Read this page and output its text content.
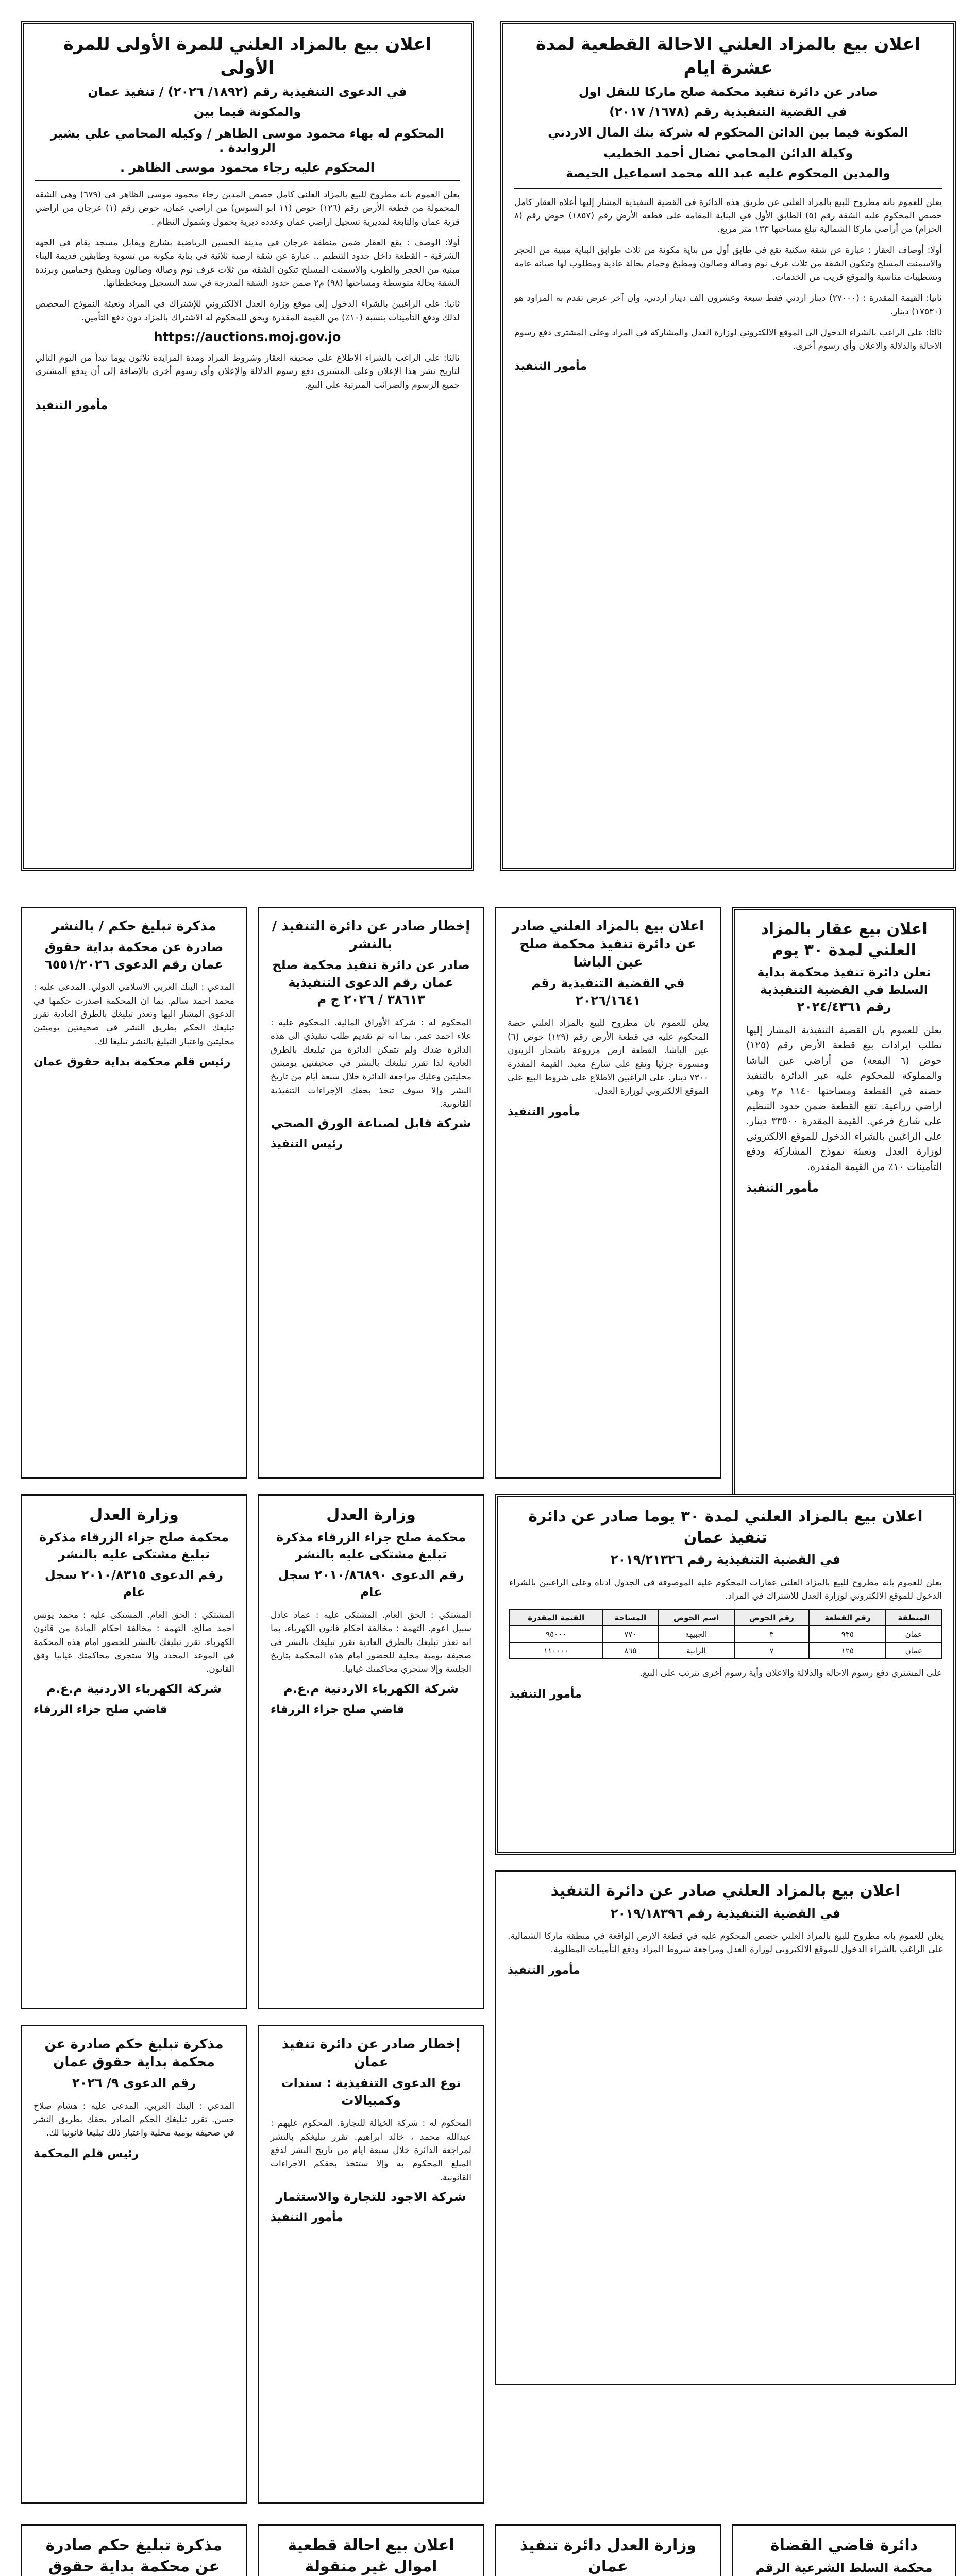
اعلان بيع بالمزاد العلني للمرة الأولى للمرة الأولى
في الدعوى التنفيذية رقم (١٨٩٢/ ٢٠٢٦) / تنفيذ عمان
والمكونة فيما بين
المحكوم له بهاء محمود موسى الظاهر / وكيله المحامي علي بشير الروابدة .
المحكوم عليه رجاء محمود موسى الظاهر .
يعلن العموم بانه مطروح للبيع بالمزاد العلني كامل حصص المدين رجاء محمود موسى الظاهر في (٦٧٩) وهي الشقة المحمولة من قطعة الأرض رقم (١٢٦) حوض (١١ ابو السوس) من اراضي عمان، حوض رقم (١) عرجان من اراضي قرية عمان والتابعة لمديرية تسجيل اراضي عمان وعدده ديرية بحمول وشمول النظام .
أولا: الوصف : يقع العقار ضمن منطقة عرجان في مدينة الحسين الرياضية بشارع ويقابل مسجد يقام في الجهة الشرقية - القطعة داخل حدود التنظيم .. عبارة عن شقة ارضية ثلاثية في بناية مكونة من تسوية وطابقين قديمة البناء مبنية من الحجر والطوب والاسمنت المسلح تتكون الشقة من ثلاث غرف نوم وصالة وصالون ومطبخ وحمامين وبرندة الشقة بحالة متوسطة ومساحتها (٩٨) م٢ ضمن حدود الشقة المدرجة في سند التسجيل ومخططاتها.
ثانيا: على الراغبين بالشراء الدخول إلى موقع وزارة العدل الالكتروني للإشتراك في المزاد وتعبئة النموذج المخصص لذلك ودفع التأمينات بنسبة (١٠٪) من القيمة المقدرة ويحق للمحكوم له الاشتراك بالمزاد دون دفع التأمين.
https://auctions.moj.gov.jo
ثالثا: على الراغب بالشراء الاطلاع على صحيفة العقار وشروط المزاد ومدة المزايدة ثلاثون يوما تبدأ من اليوم التالي لتاريخ نشر هذا الإعلان وعلى المشتري دفع رسوم الدلالة والإعلان وأي رسوم أخرى بالإضافة إلى أن يدفع المشتري جميع الرسوم والضرائب المترتبة على البيع.
مأمور التنفيذ
اعلان بيع بالمزاد العلني الاحالة القطعية لمدة عشرة ايام
صادر عن دائرة تنفيذ محكمة صلح ماركا للنقل اول
في القضية التنفيذية رقم (١٦٧٨/ ٢٠١٧)
المكونة فيما بين الدائن المحكوم له شركة بنك المال الاردني
وكيلة الدائن المحامي نضال أحمد الخطيب
والمدين المحكوم عليه عبد الله محمد اسماعيل الحيصة
يعلن للعموم بانه مطروح للبيع بالمزاد العلني عن طريق هذه الدائرة في القضية التنفيذية المشار إليها أعلاه العقار كامل حصص المحكوم عليه الشقة رقم (٥) الطابق الأول في البناية المقامة على قطعة الأرض رقم (١٨٥٧) حوض رقم (٨ الحزام) من أراضي ماركا الشمالية تبلغ مساحتها ١٣٣ متر مربع.
أولا: أوصاف العقار : عبارة عن شقة سكنية تقع في طابق أول من بناية مكونة من ثلاث طوابق البناية مبنية من الحجر والاسمنت المسلح وتتكون الشقة من ثلاث غرف نوم وصالة وصالون ومطبخ وحمام بحالة عادية ومطلوب لها صيانة عامة وتشطيبات مناسبة والموقع قريب من الخدمات.
ثانيا: القيمة المقدرة : (٢٧٠٠٠) دينار اردني فقط سبعة وعشرون الف دينار اردني، وان آخر عرض تقدم به المزاود هو (١٧٥٣٠) دينار.
ثالثا: على الراغب بالشراء الدخول الى الموقع الالكتروني لوزارة العدل والمشاركة في المزاد وعلى المشتري دفع رسوم الاحالة والدلالة والاعلان وأي رسوم أخرى.
مأمور التنفيذ
اعلان بيع عقار بالمزاد العلني لمدة ٣٠ يوم
تعلن دائرة تنفيذ محكمة بداية السلط في القضية التنفيذية رقم ٢٠٢٤/٤٣٦١
يعلن للعموم بان القضية التنفيذية المشار إليها تطلب ايرادات بيع قطعة الأرض رقم (١٢٥) حوض (٦ البقعة) من أراضي عين الباشا والمملوكة للمحكوم عليه عبر الدائرة بالتنفيذ حصته في القطعة ومساحتها ١١٤٠ م٢ وهي اراضي زراعية. تقع القطعة ضمن حدود التنظيم على شارع فرعي. القيمة المقدرة ٣٣٥٠٠ دينار. على الراغبين بالشراء الدخول للموقع الالكتروني لوزارة العدل وتعبئة نموذج المشاركة ودفع التأمينات ١٠٪ من القيمة المقدرة.
مأمور التنفيذ
اعلان بيع بالمزاد العلني صادر عن دائرة تنفيذ محكمة صلح عين الباشا
في القضية التنفيذية رقم ٢٠٢٦/١٦٤١
يعلن للعموم بان مطروح للبيع بالمزاد العلني حصة المحكوم عليه في قطعة الأرض رقم (١٢٩) حوض (٦) عين الباشا. القطعة ارض مزروعة باشجار الزيتون ومسورة جزئيا وتقع على شارع معبد. القيمة المقدرة ٧٣٠٠ دينار. على الراغبين الاطلاع على شروط البيع على الموقع الالكتروني لوزارة العدل.
مأمور التنفيذ
إخطار صادر عن دائرة التنفيذ / بالنشر
صادر عن دائرة تنفيذ محكمة صلح عمان رقم الدعوى التنفيذية ٣٨٦١٣ / ٢٠٢٦ ج م
المحكوم له : شركة الأوراق المالية. المحكوم عليه : علاء احمد عمر. بما انه تم تقديم طلب تنفيذي الى هذه الدائرة ضدك ولم تتمكن الدائرة من تبليغك بالطرق العادية لذا تقرر تبليغك بالنشر في صحيفتين يوميتين محليتين وعليك مراجعة الدائرة خلال سبعة أيام من تاريخ النشر وإلا سوف تتخذ بحقك الإجراءات التنفيذية القانونية.
شركة قابل لصناعة الورق الصحي
رئيس التنفيذ
مذكرة تبليغ حكم / بالنشر
صادرة عن محكمة بداية حقوق عمان رقم الدعوى ٦٥٥١/٢٠٢٦
المدعي : البنك العربي الاسلامي الدولي. المدعى عليه : محمد احمد سالم. بما ان المحكمة اصدرت حكمها في الدعوى المشار اليها وتعذر تبليغك بالطرق العادية تقرر تبليغك الحكم بطريق النشر في صحيفتين يوميتين محليتين واعتبار التبليغ بالنشر تبليغا لك.
رئيس قلم محكمة بداية حقوق عمان
اعلان بيع بالمزاد العلني لمدة ٣٠ يوما صادر عن دائرة تنفيذ عمان
في القضية التنفيذية رقم ٢٠١٩/٢١٣٢٦
يعلن للعموم بانه مطروح للبيع بالمزاد العلني عقارات المحكوم عليه الموصوفة في الجدول ادناه وعلى الراغبين بالشراء الدخول للموقع الالكتروني لوزارة العدل للاشتراك في المزاد.
المنطقة	رقم القطعة	رقم الحوض	اسم الحوض	المساحة	القيمة المقدرة
عمان	٩٣٥	٣	الجبيهة	٧٧٠	٩٥٠٠٠
عمان	١٢٥	٧	الرابية	٨٦٥	١١٠٠٠٠
على المشتري دفع رسوم الاحالة والدلالة والاعلان وأية رسوم أخرى تترتب على البيع.
مأمور التنفيذ
وزارة العدل
محكمة صلح جزاء الزرقاء مذكرة تبليغ مشتكى عليه بالنشر
رقم الدعوى ٢٠١٠/٨٦٨٩٠ سجل عام
المشتكي : الحق العام. المشتكى عليه : عماد عادل سبيل اعوم. التهمة : مخالفة احكام قانون الكهرباء. بما انه تعذر تبليغك بالطرق العادية تقرر تبليغك بالنشر في صحيفة يومية محلية للحضور أمام هذه المحكمة بتاريخ الجلسة وإلا ستجري محاكمتك غيابيا.
شركة الكهرباء الاردنية م.ع.م
قاضي صلح جزاء الزرقاء
وزارة العدل
محكمة صلح جزاء الزرقاء مذكرة تبليغ مشتكى عليه بالنشر
رقم الدعوى ٢٠١٠/٨٣١٥ سجل عام
المشتكي : الحق العام. المشتكى عليه : محمد يونس احمد صالح. التهمة : مخالفة احكام المادة من قانون الكهرباء. تقرر تبليغك بالنشر للحضور امام هذه المحكمة في الموعد المحدد وإلا ستجري محاكمتك غيابيا وفق القانون.
شركة الكهرباء الاردنية م.ع.م
قاضي صلح جزاء الزرقاء
اعلان بيع بالمزاد العلني صادر عن دائرة التنفيذ
في القضية التنفيذية رقم ٢٠١٩/١٨٣٩٦
يعلن للعموم بانه مطروح للبيع بالمزاد العلني حصص المحكوم عليه في قطعة الارض الواقعة في منطقة ماركا الشمالية. على الراغب بالشراء الدخول للموقع الالكتروني لوزارة العدل ومراجعة شروط المزاد ودفع التأمينات المطلوبة.
مأمور التنفيذ
مذكرة تبليغ حكم صادرة عن محكمة بداية حقوق عمان
رقم الدعوى ٩/ ٢٠٢٦
المدعي : البنك العربي. المدعى عليه : هشام صلاح حسن. تقرر تبليغك الحكم الصادر بحقك بطريق النشر في صحيفة يومية محلية واعتبار ذلك تبليغا قانونيا لك.
رئيس قلم المحكمة
إخطار صادر عن دائرة تنفيذ عمان
نوع الدعوى التنفيذية : سندات وكمبيالات
المحكوم له : شركة الخيالة للتجارة. المحكوم عليهم : عبدالله محمد ، خالد ابراهيم. تقرر تبليغكم بالنشر لمراجعة الدائرة خلال سبعة ايام من تاريخ النشر لدفع المبلغ المحكوم به وإلا ستتخذ بحقكم الاجراءات القانونية.
شركة الاجود للتجارة والاستثمار
مأمور التنفيذ
دائرة قاضي القضاة
محكمة السلط الشرعية الرقم
وزارة العدل دائرة تنفيذ عمان
اعلان بيع احالة قطعية اموال غير منقولة
مذكرة تبليغ حكم صادرة عن محكمة بداية حقوق
